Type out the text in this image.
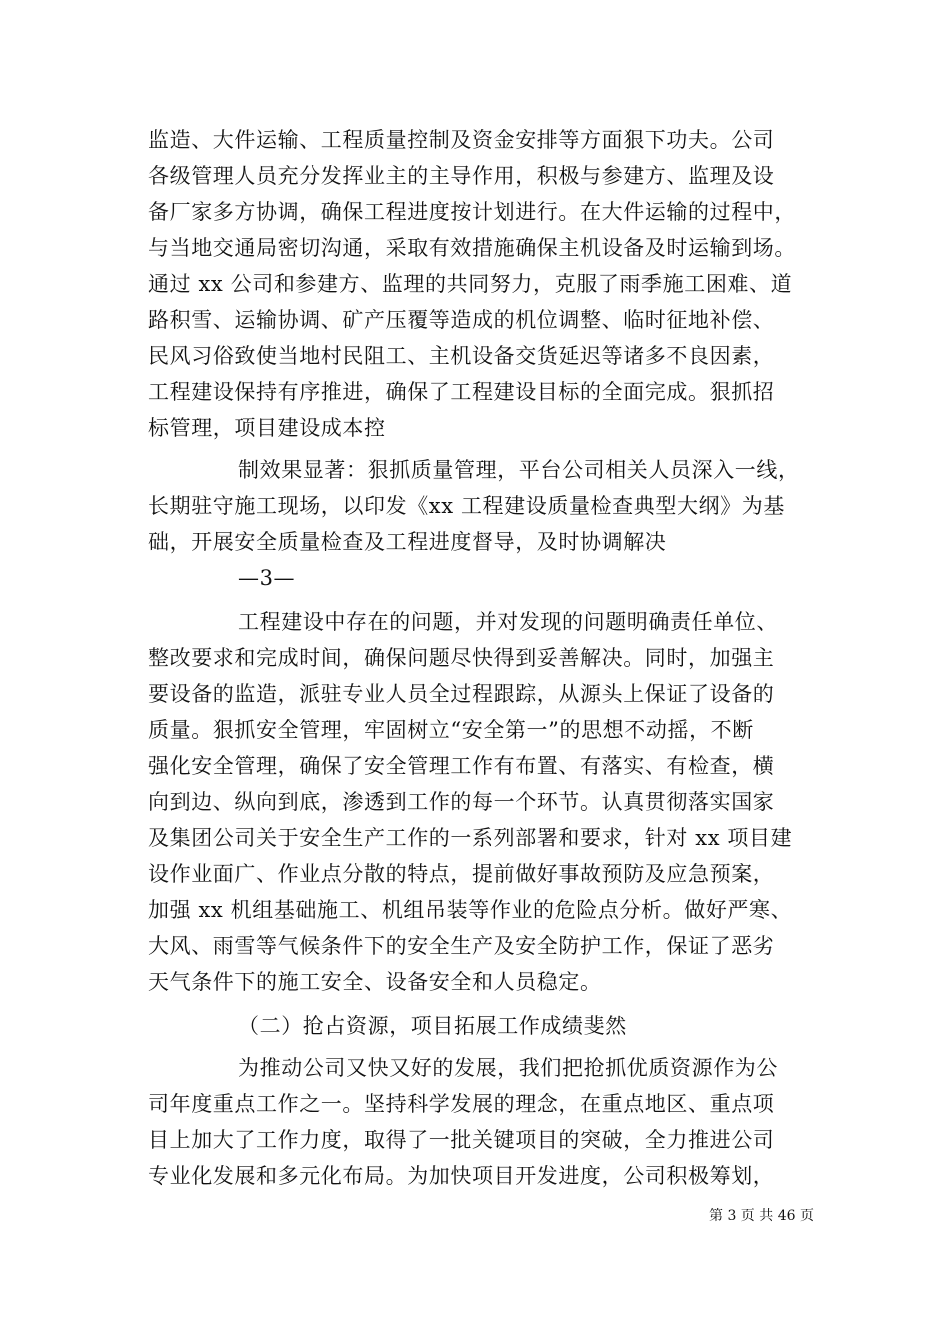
监造、大件运输、工程质量控制及资金安排等方面狠下功夫。公司
各级管理人员充分发挥业主的主导作用，积极与参建方、监理及设
备厂家多方协调，确保工程进度按计划进行。在大件运输的过程中，
与当地交通局密切沟通，采取有效措施确保主机设备及时运输到场。
通过 xx 公司和参建方、监理的共同努力，克服了雨季施工困难、道
路积雪、运输协调、矿产压覆等造成的机位调整、临时征地补偿、
民风习俗致使当地村民阻工、主机设备交货延迟等诸多不良因素，
工程建设保持有序推进，确保了工程建设目标的全面完成。狠抓招
标管理，项目建设成本控
制效果显著：狠抓质量管理，平台公司相关人员深入一线，
长期驻守施工现场，以印发《xx 工程建设质量检查典型大纲》为基
础，开展安全质量检查及工程进度督导，及时协调解决
—3—
工程建设中存在的问题，并对发现的问题明确责任单位、
整改要求和完成时间，确保问题尽快得到妥善解决。同时，加强主
要设备的监造，派驻专业人员全过程跟踪，从源头上保证了设备的
质量。狠抓安全管理，牢固树立“安全第一”的思想不动摇，不断
强化安全管理，确保了安全管理工作有布置、有落实、有检查，横
向到边、纵向到底，渗透到工作的每一个环节。认真贯彻落实国家
及集团公司关于安全生产工作的一系列部署和要求，针对 xx 项目建
设作业面广、作业点分散的特点，提前做好事故预防及应急预案，
加强 xx 机组基础施工、机组吊装等作业的危险点分析。做好严寒、
大风、雨雪等气候条件下的安全生产及安全防护工作，保证了恶劣
天气条件下的施工安全、设备安全和人员稳定。
（二）抢占资源，项目拓展工作成绩斐然
为推动公司又快又好的发展，我们把抢抓优质资源作为公
司年度重点工作之一。坚持科学发展的理念，在重点地区、重点项
目上加大了工作力度，取得了一批关键项目的突破，全力推进公司
专业化发展和多元化布局。为加快项目开发进度，公司积极筹划，
第 3 页 共 46 页
